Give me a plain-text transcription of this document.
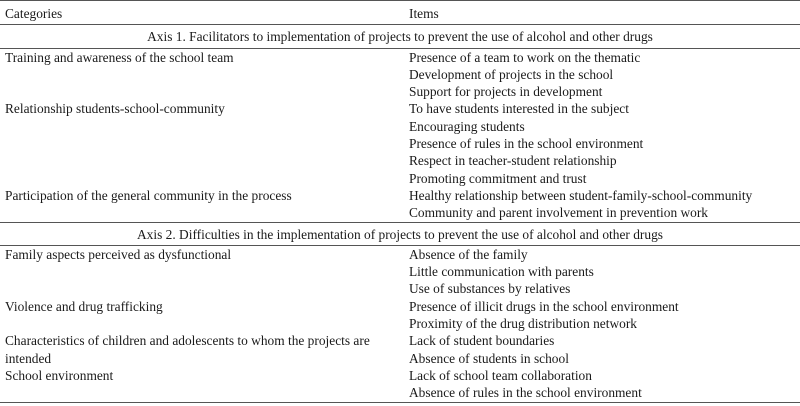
Categories	Items
Axis 1. Facilitators to implementation of projects to prevent the use of alcohol and other drugs	
Training and awareness of the school team	Presence of a team to work on the thematic
Development of projects in the school
Support for projects in development

Relationship students-school-community	To have students interested in the subject
Encouraging students
Presence of rules in the school environment
Respect in teacher-student relationship
Promoting commitment and trust

Participation of the general community in the process	Healthy relationship between student-family-school-community
Community and parent involvement in prevention work

Axis 2. Difficulties in the implementation of projects to prevent the use of alcohol and other drugs	
Family aspects perceived as dysfunctional	Absence of the family
Little communication with parents
Use of substances by relatives

Violence and drug trafficking	Presence of illicit drugs in the school environment
Proximity of the drug distribution network

Characteristics of children and adolescents to whom the projects are intended	Lack of student boundaries
Absence of students in school

School environment	Lack of school team collaboration
Absence of rules in the school environment
